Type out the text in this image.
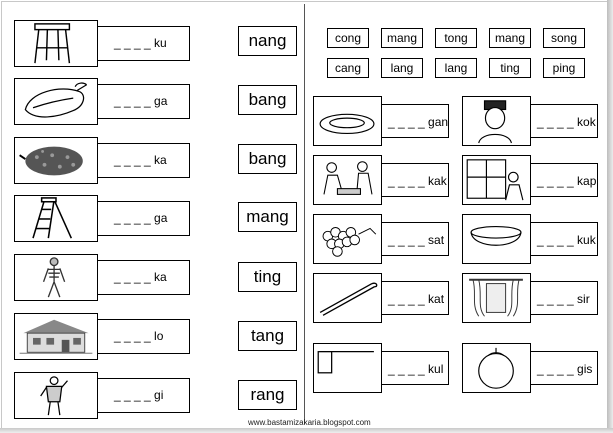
_ _ _ _ ku
_ _ _ _ ga
_ _ _ _ ka
_ _ _ _ ga
_ _ _ _ ka
_ _ _ _ lo
_ _ _ _ gi
nang
bang
bang
mang
ting
tang
rang
cong	mang	tong	mang	song
cang	lang	lang	ting	ping
_ _ _ _ gan	_ _ _ _ kok
_ _ _ _ kak	_ _ _ _ kap
_ _ _ _ sat	_ _ _ _ kuk
_ _ _ _ kat	_ _ _ _ sir
_ _ _ _ kul	_ _ _ _ gis
www.bastamizakaria.blogspot.com
